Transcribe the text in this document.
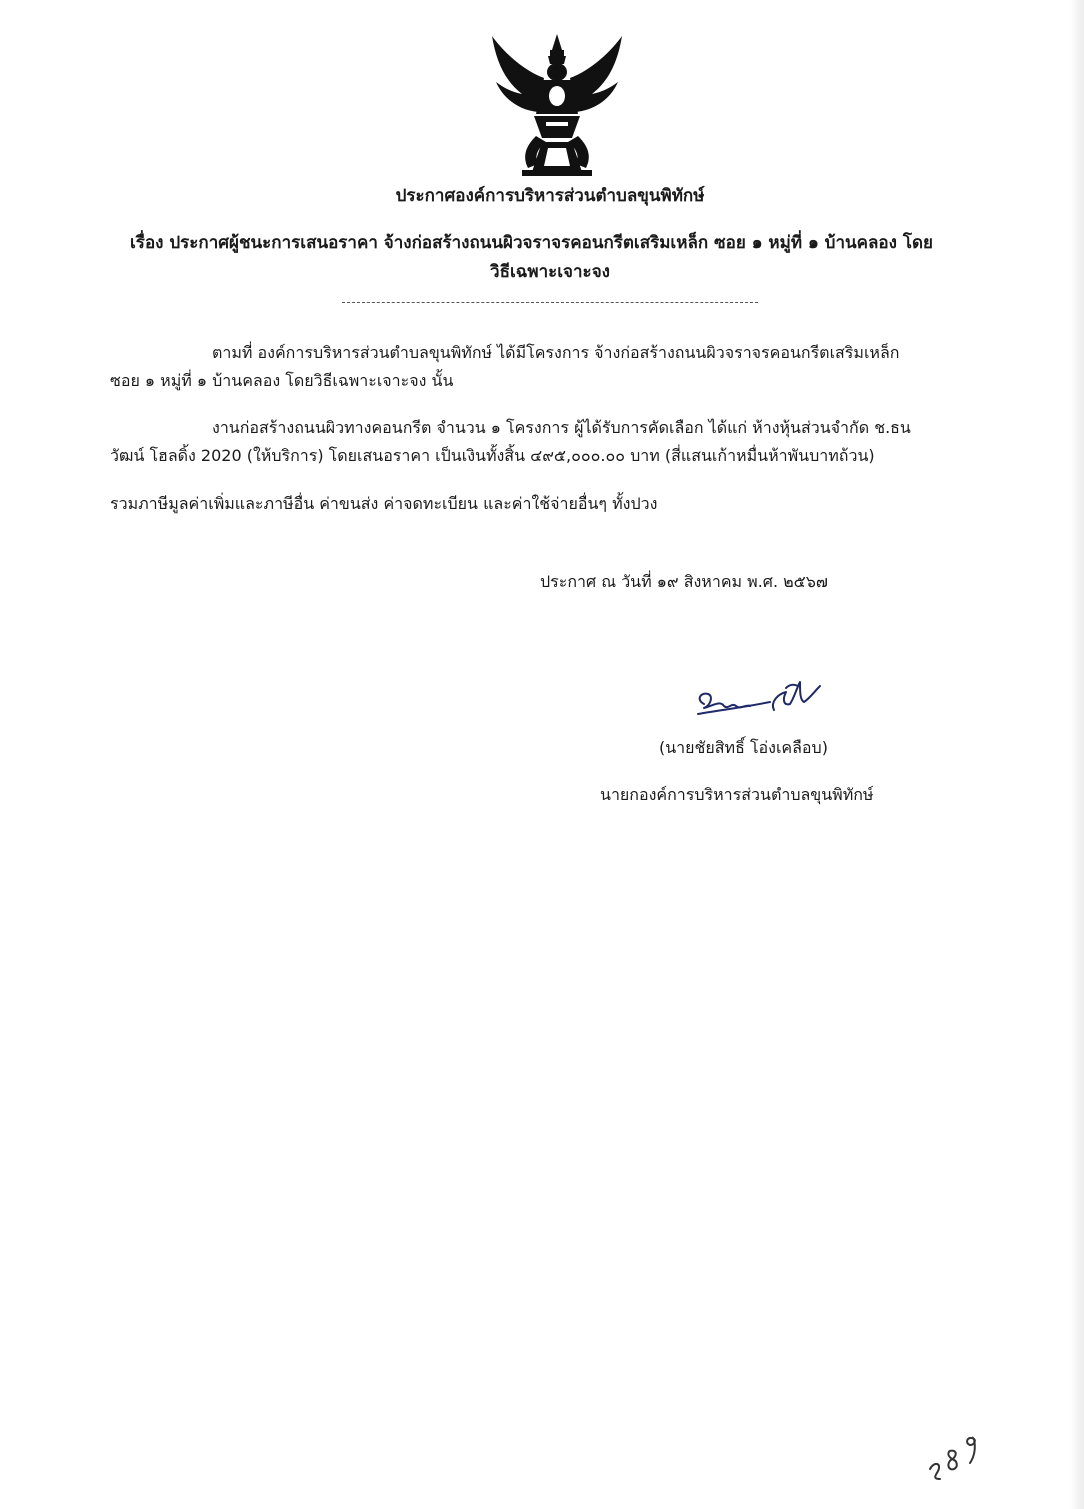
ประกาศองค์การบริหารส่วนตำบลขุนพิทักษ์
เรื่อง ประกาศผู้ชนะการเสนอราคา จ้างก่อสร้างถนนผิวจราจรคอนกรีตเสริมเหล็ก ซอย ๑ หมู่ที่ ๑ บ้านคลอง โดย
วิธีเฉพาะเจาะจง
ตามที่ องค์การบริหารส่วนตำบลขุนพิทักษ์ ได้มีโครงการ จ้างก่อสร้างถนนผิวจราจรคอนกรีตเสริมเหล็ก
ซอย ๑ หมู่ที่ ๑ บ้านคลอง โดยวิธีเฉพาะเจาะจง นั้น
งานก่อสร้างถนนผิวทางคอนกรีต จำนวน ๑ โครงการ ผู้ได้รับการคัดเลือก ได้แก่ ห้างหุ้นส่วนจำกัด ช.ธน
วัฒน์ โฮลดิ้ง 2020 (ให้บริการ) โดยเสนอราคา เป็นเงินทั้งสิ้น ๔๙๕,๐๐๐.๐๐ บาท (สี่แสนเก้าหมื่นห้าพันบาทถ้วน)
รวมภาษีมูลค่าเพิ่มและภาษีอื่น ค่าขนส่ง ค่าจดทะเบียน และค่าใช้จ่ายอื่นๆ ทั้งปวง
ประกาศ ณ วันที่ ๑๙ สิงหาคม พ.ศ. ๒๕๖๗
(นายชัยสิทธิ์ โอ่งเคลือบ)
นายกองค์การบริหารส่วนตำบลขุนพิทักษ์
